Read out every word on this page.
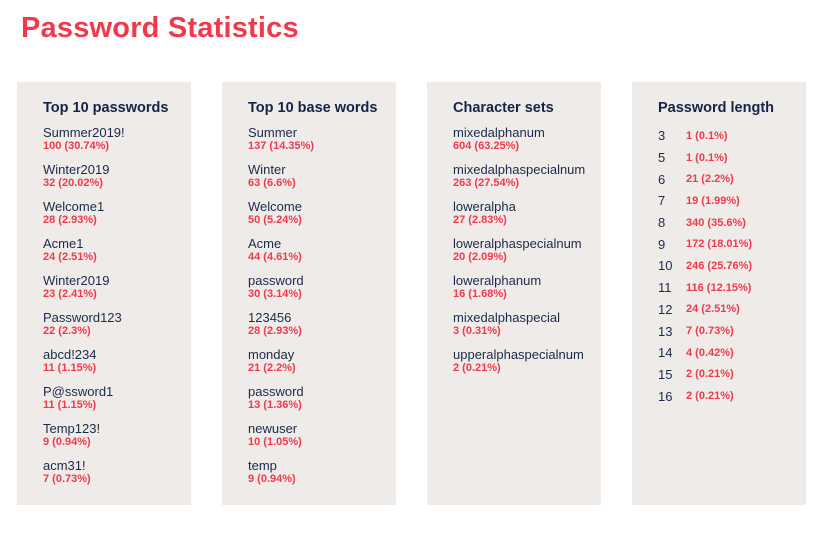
Password Statistics
Top 10 passwords
Summer2019!
100 (30.74%)
Winter2019
32 (20.02%)
Welcome1
28 (2.93%)
Acme1
24 (2.51%)
Winter2019
23 (2.41%)
Password123
22 (2.3%)
abcd!234
11 (1.15%)
P@ssword1
11 (1.15%)
Temp123!
9 (0.94%)
acm31!
7 (0.73%)
Top 10 base words
Summer
137 (14.35%)
Winter
63 (6.6%)
Welcome
50 (5.24%)
Acme
44 (4.61%)
password
30 (3.14%)
123456
28 (2.93%)
monday
21 (2.2%)
password
13 (1.36%)
newuser
10 (1.05%)
temp
9 (0.94%)
Character sets
mixedalphanum
604 (63.25%)
mixedalphaspecialnum
263 (27.54%)
loweralpha
27 (2.83%)
loweralphaspecialnum
20 (2.09%)
loweralphanum
16 (1.68%)
mixedalphaspecial
3 (0.31%)
upperalphaspecialnum
2 (0.21%)
Password length
3	1 (0.1%)
5	1 (0.1%)
6	21 (2.2%)
7	19 (1.99%)
8	340 (35.6%)
9	172 (18.01%)
10	246 (25.76%)
11	116 (12.15%)
12	24 (2.51%)
13	7 (0.73%)
14	4 (0.42%)
15	2 (0.21%)
16	2 (0.21%)
